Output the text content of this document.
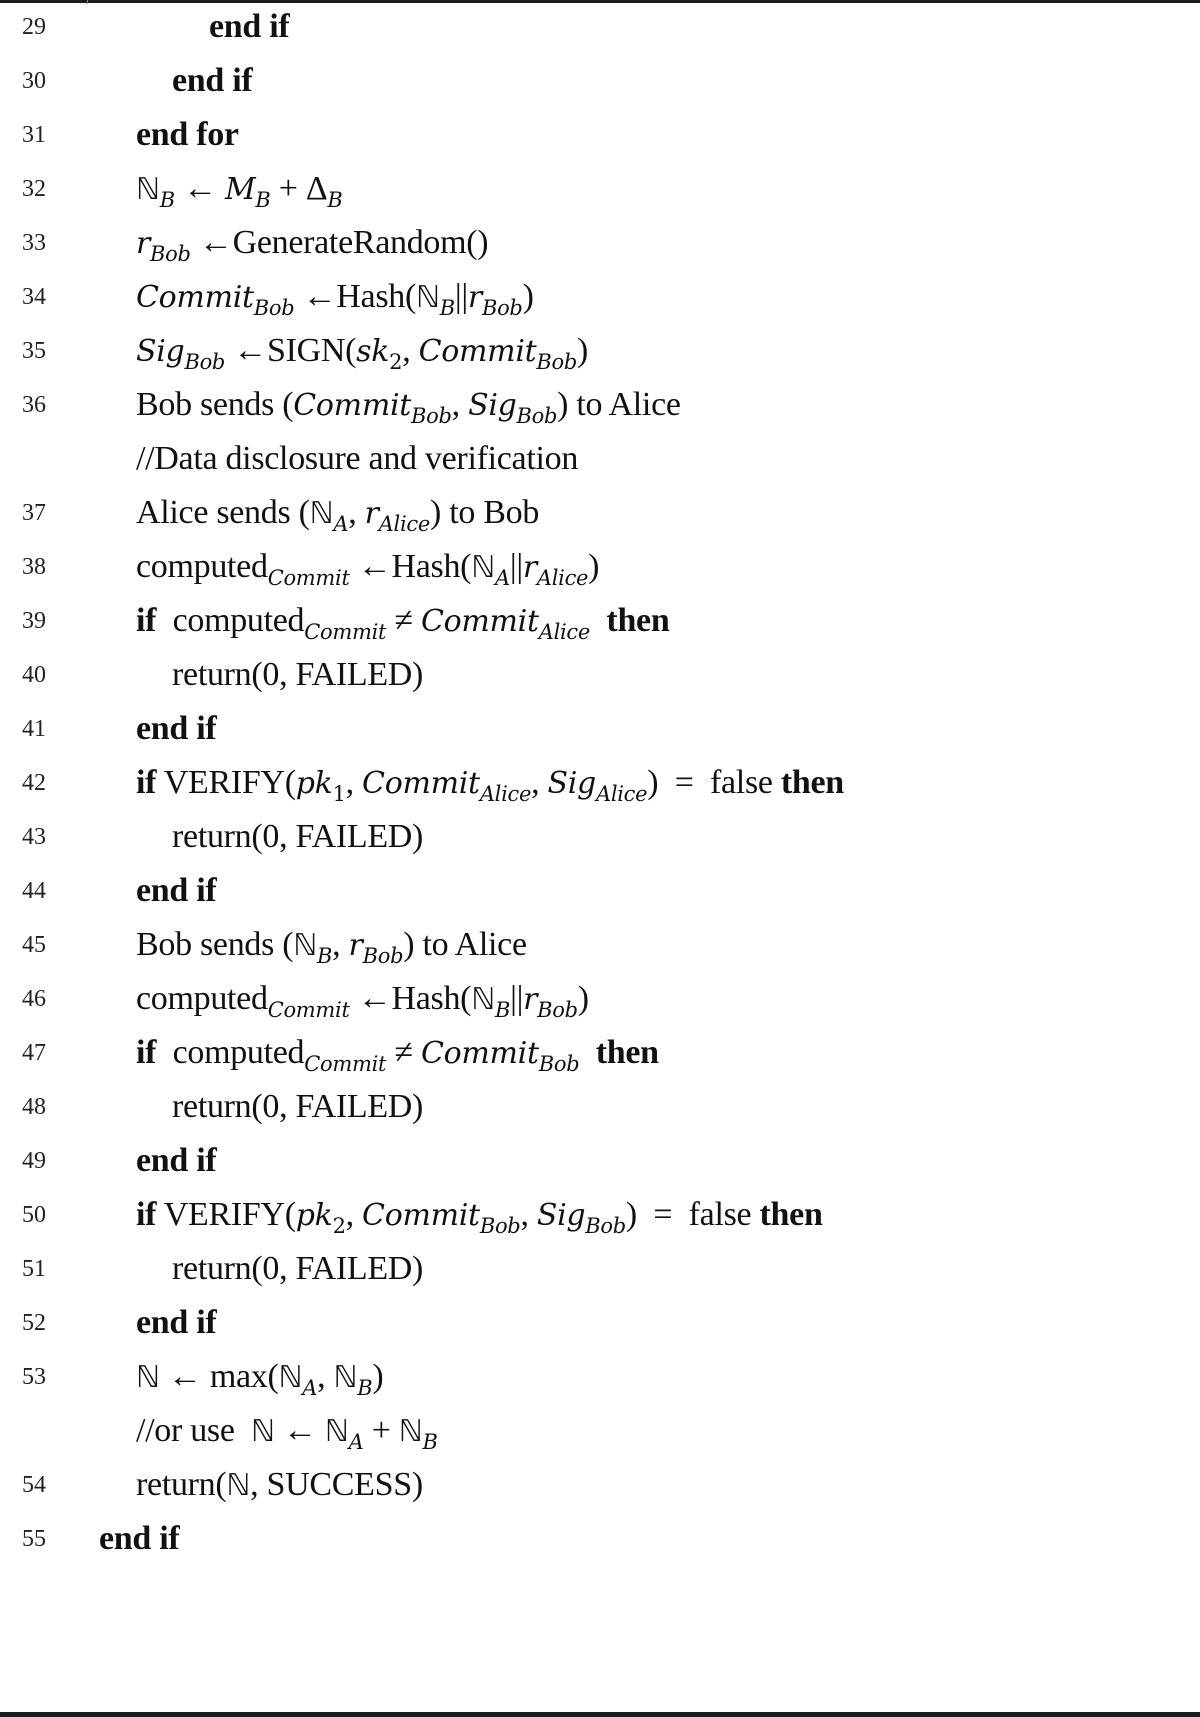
29	end if
30	end if
31	end for
32	ℕ$_B$ ← $M_B + \Delta_B$
33	$r_{Bob}$ ←GenerateRandom()
34	Commit$_{Bob}$ $\leftarrow Hash(ℕ_B||r_{Bob})$
35	Sig$_{Bob}$ $\leftarrow SIGN(sk_2$, Commit$_{Bob}$)
36	Bob sends (Commit$_{Bob}$, Sig$_{Bob}$) to Alice
//Data disclosure and verification
37	Alice sends (ℕ$_A$, $r_{Alice}$) to Bob
38	computed$_{Commit}$ $\leftarrow Hash(ℕ_A||r_{Alice})$
39	if computed$_{Commit}$ ≠ Commit$_{Alice}$ then
40	return(0, FAILED)
41	end if
42	if $VERIFY(pk_1$, Commit$_{Alice}$, Sig$_{Alice}$) = false then
43	return(0, FAILED)
44	end if
45	Bob sends (ℕ$_B$, $r_{Bob}$) to Alice
46	computed$_{Commit}$ $\leftarrow Hash(ℕ_B||r_{Bob})$
47	if computed$_{Commit}$ ≠ Commit$_{Bob}$ then
48	return(0, FAILED)
49	end if
50	if $VERIFY(pk_2$, Commit$_{Bob}$, Sig$_{Bob}$) = false then
51	return(0, FAILED)
52	end if
53	ℕ ← max(ℕ$_A$, ℕ$_B$)
//or use ℕ ← ℕ$_A$ + ℕ$_B$
54	return(ℕ, SUCCESS)
55	end if
